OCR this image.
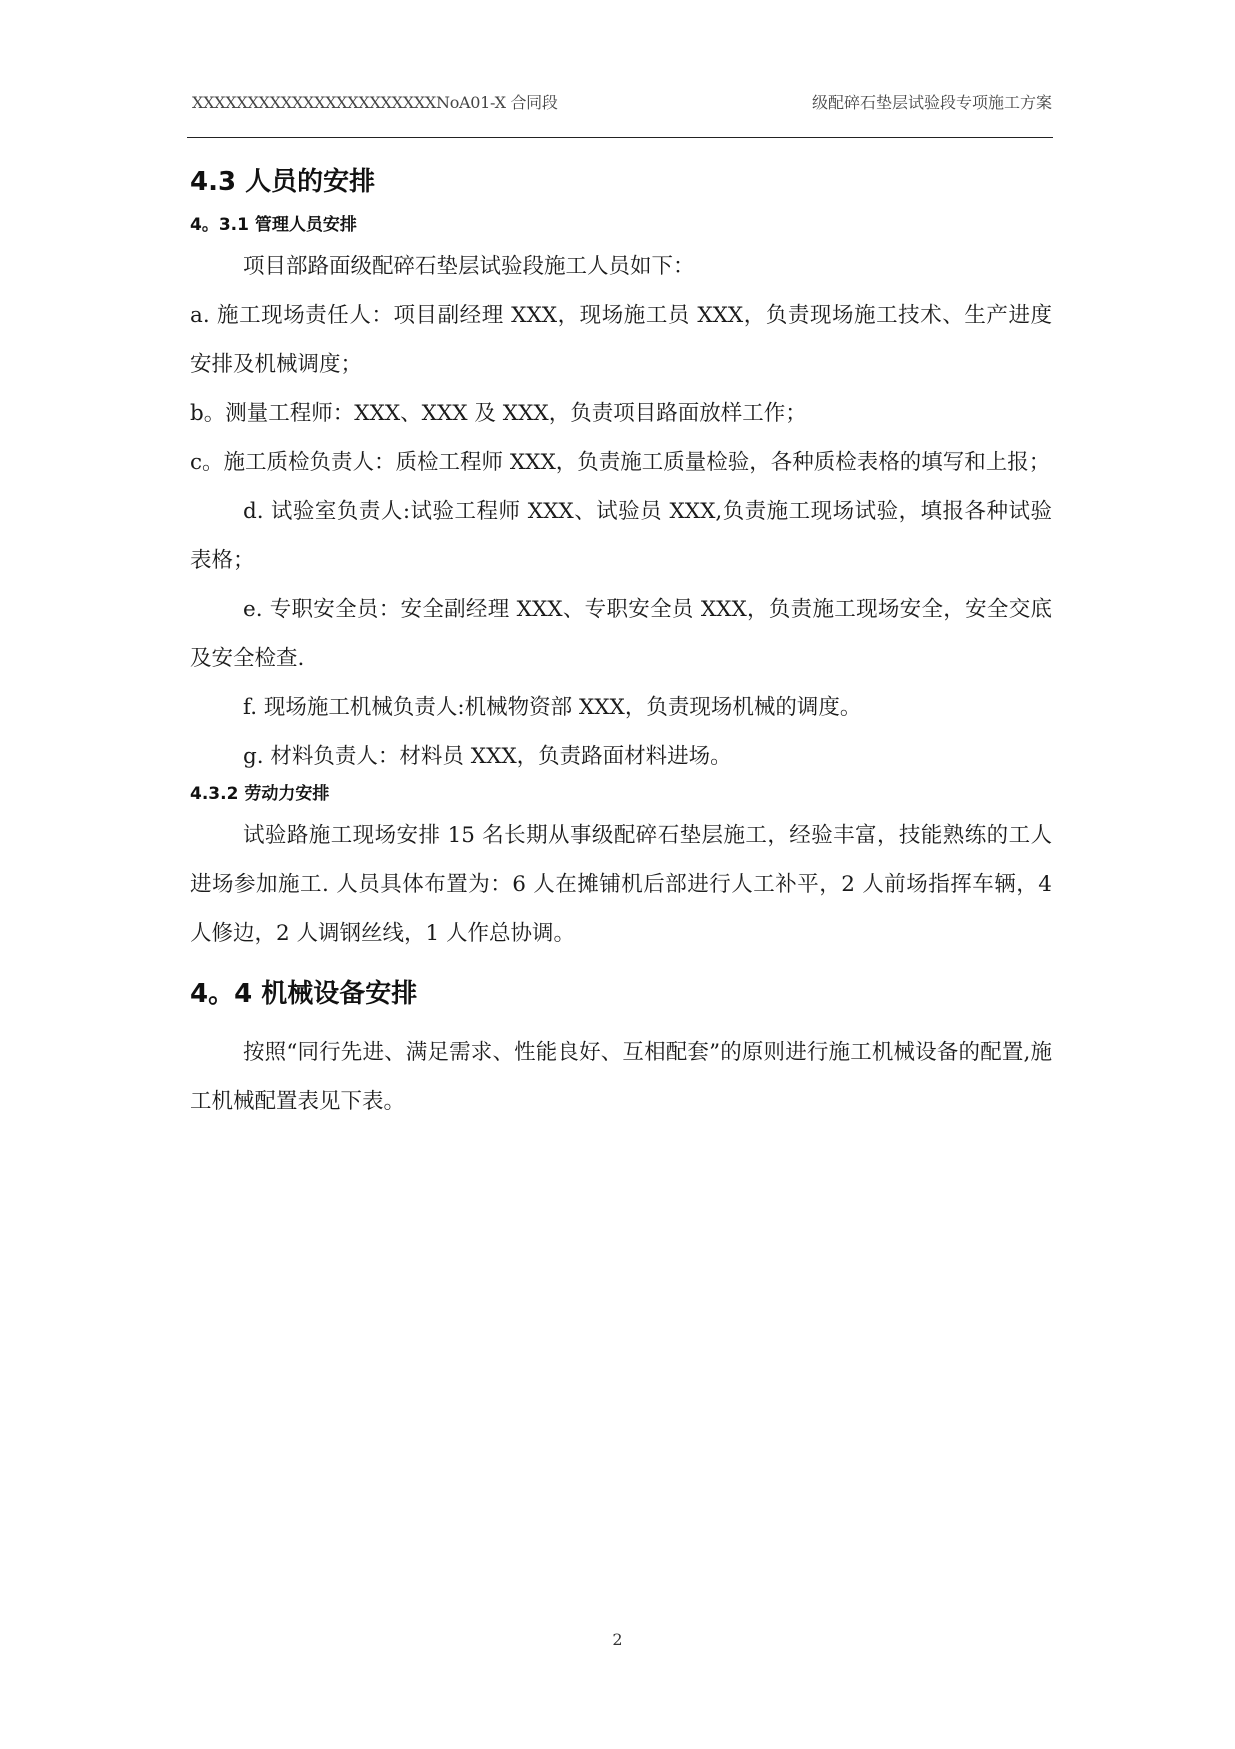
XXXXXXXXXXXXXXXXXXXXXXNoA01-X 合同段	级配碎石垫层试验段专项施工方案
4.3 人员的安排
4。3.1 管理人员安排

项目部路面级配碎石垫层试验段施工人员如下：

a. 施工现场责任人：项目副经理 XXX，现场施工员 XXX，负责现场施工技术、生产进度安排及机械调度；

b。测量工程师：XXX、XXX 及 XXX，负责项目路面放样工作；

c。施工质检负责人：质检工程师 XXX，负责施工质量检验，各种质检表格的填写和上报；

d. 试验室负责人:试验工程师 XXX、试验员 XXX,负责施工现场试验，填报各种试验表格；

e. 专职安全员：安全副经理 XXX、专职安全员 XXX，负责施工现场安全，安全交底及安全检查.

f. 现场施工机械负责人:机械物资部 XXX，负责现场机械的调度。

g. 材料负责人：材料员 XXX，负责路面材料进场。

4.3.2 劳动力安排

试验路施工现场安排 15 名长期从事级配碎石垫层施工，经验丰富，技能熟练的工人进场参加施工. 人员具体布置为：6 人在摊铺机后部进行人工补平，2 人前场指挥车辆，4 人修边，2 人调钢丝线，1 人作总协调。

4。4 机械设备安排

按照“同行先进、满足需求、性能良好、互相配套”的原则进行施工机械设备的配置,施工机械配置表见下表。

2
